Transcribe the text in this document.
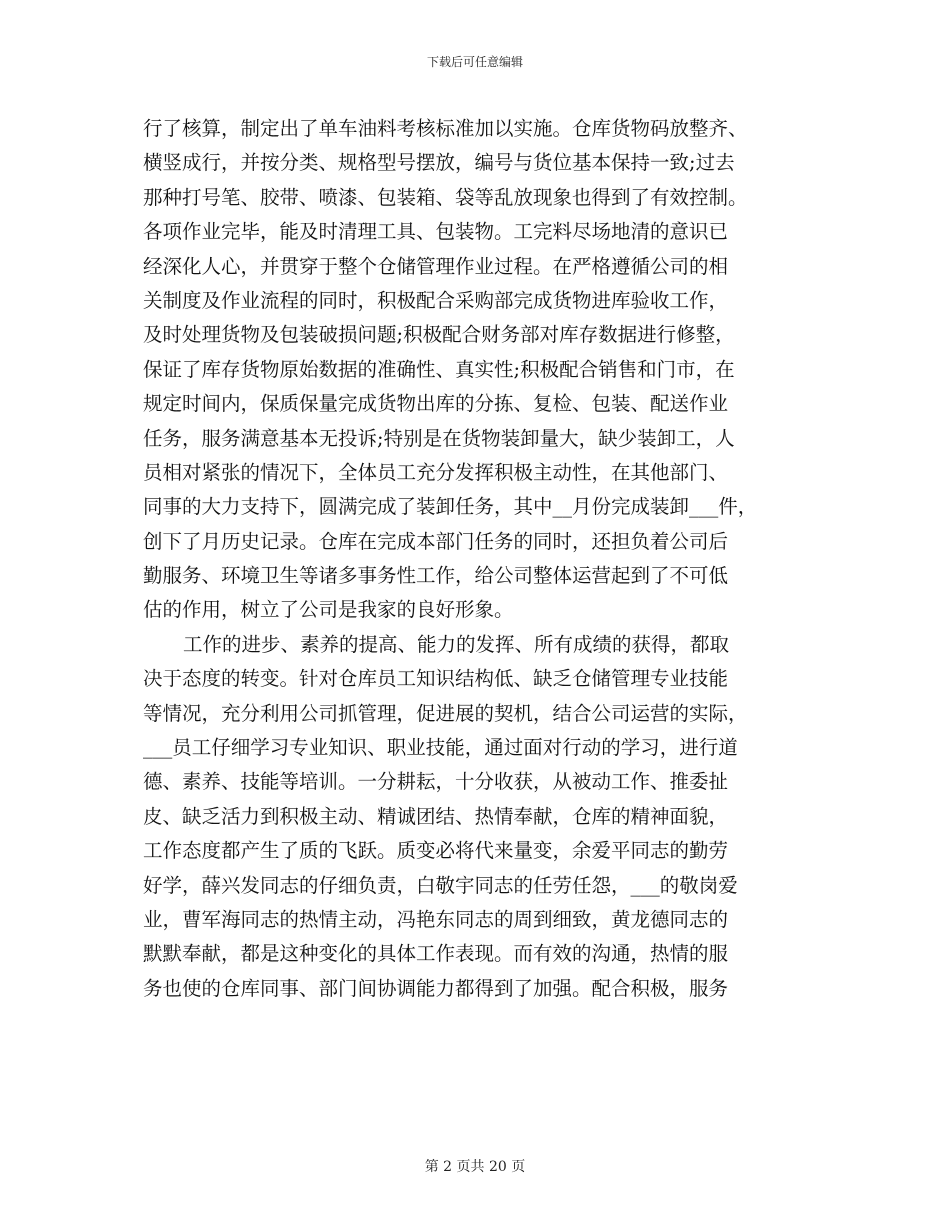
下载后可任意编辑
行了核算，制定出了单车油料考核标准加以实施。仓库货物码放整齐、
横竖成行，并按分类、规格型号摆放，编号与货位基本保持一致;过去
那种打号笔、胶带、喷漆、包装箱、袋等乱放现象也得到了有效控制。
各项作业完毕，能及时清理工具、包装物。工完料尽场地清的意识已
经深化人心，并贯穿于整个仓储管理作业过程。在严格遵循公司的相
关制度及作业流程的同时，积极配合采购部完成货物进库验收工作，
及时处理货物及包装破损问题;积极配合财务部对库存数据进行修整，
保证了库存货物原始数据的准确性、真实性;积极配合销售和门市，在
规定时间内，保质保量完成货物出库的分拣、复检、包装、配送作业
任务，服务满意基本无投诉;特别是在货物装卸量大，缺少装卸工，人
员相对紧张的情况下，全体员工充分发挥积极主动性，在其他部门、
同事的大力支持下，圆满完成了装卸任务，其中__月份完成装卸___件，
创下了月历史记录。仓库在完成本部门任务的同时，还担负着公司后
勤服务、环境卫生等诸多事务性工作，给公司整体运营起到了不可低
估的作用，树立了公司是我家的良好形象。
工作的进步、素养的提高、能力的发挥、所有成绩的获得，都取
决于态度的转变。针对仓库员工知识结构低、缺乏仓储管理专业技能
等情况，充分利用公司抓管理，促进展的契机，结合公司运营的实际，
___员工仔细学习专业知识、职业技能，通过面对行动的学习，进行道
德、素养、技能等培训。一分耕耘，十分收获，从被动工作、推委扯
皮、缺乏活力到积极主动、精诚团结、热情奉献，仓库的精神面貌，
工作态度都产生了质的飞跃。质变必将代来量变，余爱平同志的勤劳
好学，薛兴发同志的仔细负责，白敬宇同志的任劳任怨，___的敬岗爱
业，曹军海同志的热情主动，冯艳东同志的周到细致，黄龙德同志的
默默奉献，都是这种变化的具体工作表现。而有效的沟通，热情的服
务也使的仓库同事、部门间协调能力都得到了加强。配合积极，服务
第 2 页共 20 页
